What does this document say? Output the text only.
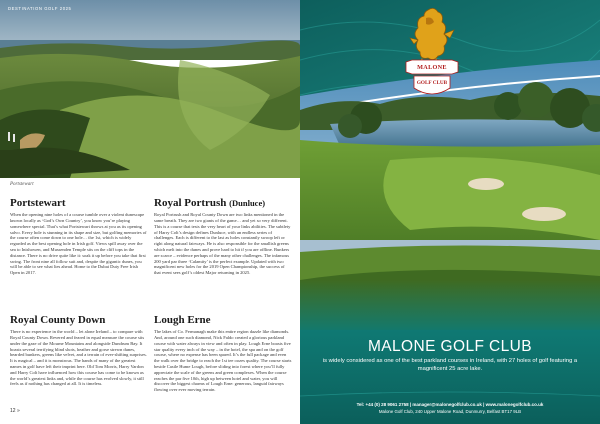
DESTINATION GOLF 2025
Portstewart
Portstewart

When the opening nine holes of a course tumble over a violent dunescape known locally as ‘God’s Own Country’, you know you’re playing somewhere special. That’s what Portstewart throws at you as its opening salvo. Every hole is stunning in its shape and size, but golfing memories of the course often come down to one hole… the 1st, which is widely regarded as the best opening hole in Irish golf. Views spill away over the sea to Inishowen, and Mussenden Temple sits on the cliff tops in the distance. There is no drive quite like it: soak it up before you take that first swing. The front nine all follow suit and, despite the gigantic dunes, you will be able to see what lies ahead. Home to the Dubai Duty Free Irish Open in 2017.

Royal Portrush (Dunluce)

Royal Portrush and Royal County Down are two links mentioned in the same breath. They are two giants of the game… and yet so very different. This is a course that tests the very heart of your links abilities. The subtlety of Harry Colt’s design defines Dunluce, with an endless series of challenges. Each is different to the last as holes constantly swoop left or right along natural fairways. He is also responsible for the smallish greens which melt into the dunes and prove hard to hit if you are offline. Bunkers are scarce – evidence perhaps of the many other challenges. The infamous 200 yard par three ‘Calamity’ is the perfect example. Updated with two magnificent new holes for the 2019 Open Championship, the success of that event sees golf’s oldest Major returning in 2025.

Royal County Down

There is no experience in the world – let alone Ireland – to compare with Royal County Down. Revered and feared in equal measure the course sits under the gaze of the Mourne Mountains and alongside Dundrum Bay. It boasts several terrifying blind shots, heather and gorse strewn dunes, bearded bunkers, greens like velvet, and a terrain of ever-shifting surprises. It is magical – and it is monstrous. The hands of many of the greatest names in golf have left their imprint here. Old Tom Morris, Harry Vardon and Harry Colt have influenced how this course has come to be known as the world’s greatest links and, while the course has evolved slowly, it still feels as if nothing has changed at all. It is timeless.

Lough Erne

The lakes of Co. Fermanagh make this entire region dazzle like diamonds. And, around one such diamond, Nick Faldo created a glorious parkland course with water always in view and often in play. Lough Erne boasts five star quality every inch of the way – in the hotel, the spa and on the golf course, where no expense has been spared. It’s the full package and even the walk over the bridge to reach the 1st tee oozes quality. The course starts beside Castle Hume Lough, before sliding into forest where you’ll fully appreciate the scale of the greens and green complexes. When the course reaches the par five 10th, high up between hotel and water, you will discover the biggest charms of Lough Erne: generous, languid fairways flowing over ever moving terrain.

12 »
MALONE
GOLF CLUB
MALONE GOLF CLUB
is widely considered as one of the best parkland courses in Ireland, with 27 holes of golf featuring a magnificent 25 acre lake.
Tel: +44 (0) 28 9061 2758 | manager@malonegolfclub.co.uk | www.malonegolfclub.co.uk
Malone Golf Club, 240 Upper Malone Road, Dunmurry, Belfast BT17 9LB
